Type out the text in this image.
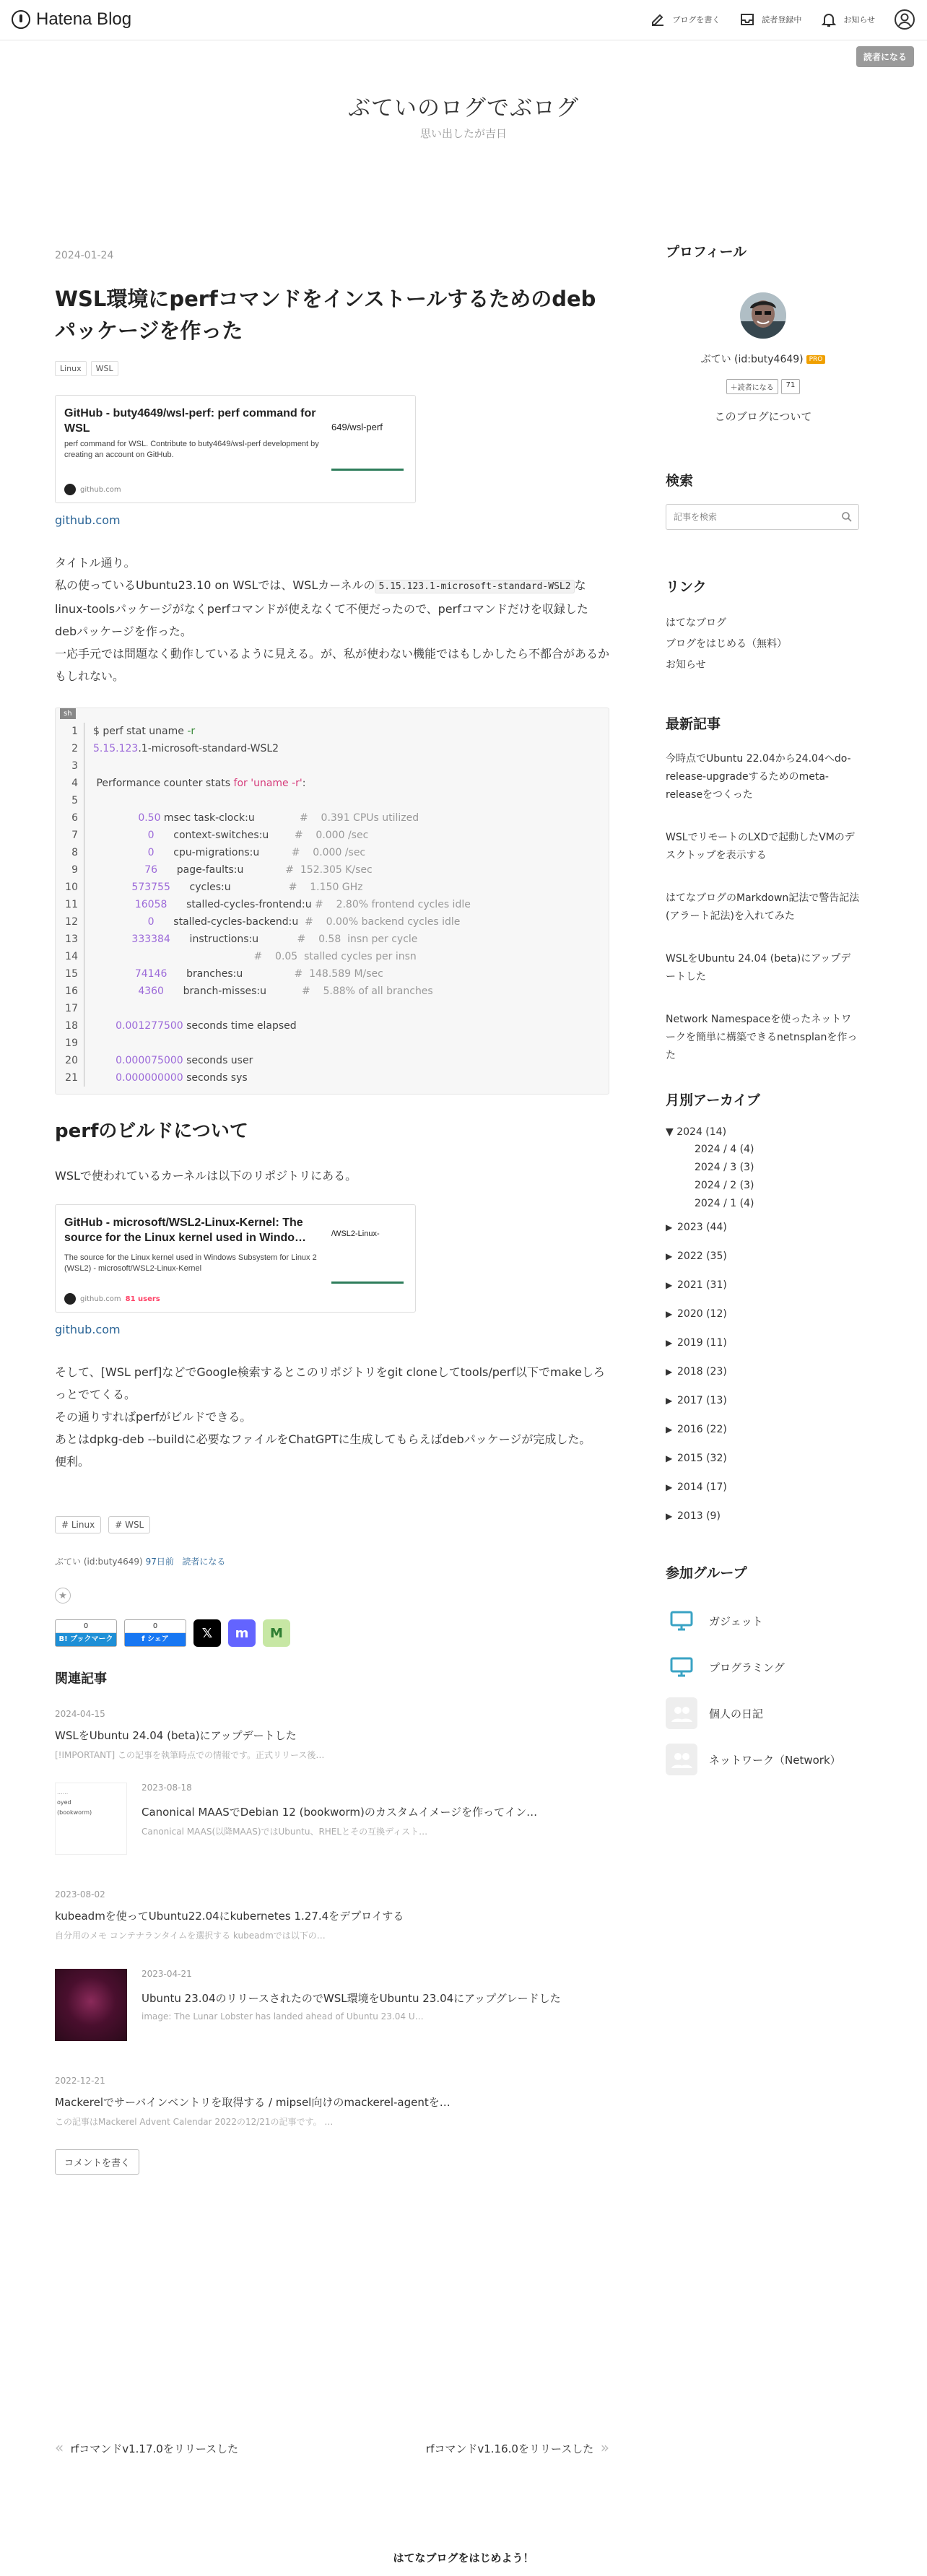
Hatena Blog	ブログを書く	読者登録中	お知らせ
読者になる
ぶていのログでぶログ
思い出したが吉日
2024-01-24
WSL環境にperfコマンドをインストールするためのdebパッケージを作った
Linux	WSL
GitHub - buty4649/wsl-perf: perf command for WSL
perf command for WSL. Contribute to buty4649/wsl-perf development by creating an account on GitHub.
github.com
649/wsl-perf
github.com

タイトル通り。

私の使っているUbuntu23.10 on WSLでは、WSLカーネルの 5.15.123.1-microsoft-standard-WSL2 なlinux-toolsパッケージがなくperfコマンドが使えなくて不便だったので、perfコマンドだけを収録したdebパッケージを作った。

一応手元では問題なく動作しているように見える。が、私が使わない機能ではもしかしたら不都合があるかもしれない。

sh
1	$ perf stat uname -r
2	5.15.123.1-microsoft-standard-WSL2
3
4	Performance counter stats for 'uname -r':
5
6	0.50 msec task-clock:u              #    0.391 CPUs utilized
7	0      context-switches:u        #    0.000 /sec
8	0      cpu-migrations:u          #    0.000 /sec
9	76      page-faults:u             #  152.305 K/sec
10	573755      cycles:u                  #    1.150 GHz
11	16058      stalled-cycles-frontend:u #    2.80% frontend cycles idle
12	0      stalled-cycles-backend:u  #    0.00% backend cycles idle
13	333384      instructions:u            #    0.58  insn per cycle
14	#    0.05  stalled cycles per insn
15	74146      branches:u                #  148.589 M/sec
16	4360      branch-misses:u           #    5.88% of all branches
17
18	0.001277500 seconds time elapsed
19
20	0.000075000 seconds user
21	0.000000000 seconds sys
perfのビルドについて
WSLで使われているカーネルは以下のリポジトリにある。
GitHub - microsoft/WSL2-Linux-Kernel: The source for the Linux kernel used in Windo…
The source for the Linux kernel used in Windows Subsystem for Linux 2 (WSL2) - microsoft/WSL2-Linux-Kernel
github.com 81 users
/WSL2-Linux-
github.com

そして、[WSL perf]などでGoogle検索するとこのリポジトリをgit cloneしてtools/perf以下でmakeしろっとでてくる。

その通りすればperfがビルドできる。

あとはdpkg-deb --buildに必要なファイルをChatGPTに生成してもらえばdebパッケージが完成した。

便利。

# Linux	# WSL
ぶてい (id:buty4649) 97日前 読者になる
★
0
B! ブックマーク
0
f シェア	𝕏 m M
関連記事
2024-04-15
WSLをUbuntu 24.04 (beta)にアップデートした
[!IMPORTANT] この記事を執筆時点での情報です。正式リリース後…
......
oyed
(bookworm)
2023-08-18
Canonical MAASでDebian 12 (bookworm)のカスタムイメージを作ってイン…
Canonical MAAS(以降MAAS)ではUbuntu、RHELとその互換ディスト…
2023-08-02
kubeadmを使ってUbuntu22.04にkubernetes 1.27.4をデプロイする
自分用のメモ コンテナランタイムを選択する kubeadmでは以下の…
2023-04-21
Ubuntu 23.04のリリースされたのでWSL環境をUbuntu 23.04にアップグレードした
image: The Lunar Lobster has landed ahead of Ubuntu 23.04 U…
2022-12-21
Mackerelでサーバインベントリを取得する / mipsel向けのmackerel-agentを…
この記事はMackerel Advent Calendar 2022の12/21の記事です。 …
コメントを書く
« rfコマンドv1.17.0をリリースした	rfコマンドv1.16.0をリリースした »
はてなブログをはじめよう！
プロフィール
ぶてい (id:buty4649) PRO
＋読者になる	71
このブログについて
検索
記事を検索
リンク
はてなブログ
ブログをはじめる（無料）
お知らせ
最新記事
今時点でUbuntu 22.04から24.04へdo-release-upgradeするためのmeta-releaseをつくった
WSLでリモートのLXDで起動したVMのデスクトップを表示する
はてなブログのMarkdown記法で警告記法(アラート記法)を入れてみた
WSLをUbuntu 24.04 (beta)にアップデートした
Network Namespaceを使ったネットワークを簡単に構築できるnetnsplanを作った
月別アーカイブ
▼ 2024 (14)
2024 / 4 (4)
2024 / 3 (3)
2024 / 2 (3)
2024 / 1 (4)
▶ 2023 (44)
▶ 2022 (35)
▶ 2021 (31)
▶ 2020 (12)
▶ 2019 (11)
▶ 2018 (23)
▶ 2017 (13)
▶ 2016 (22)
▶ 2015 (32)
▶ 2014 (17)
▶ 2013 (9)
参加グループ
ガジェット
プログラミング
個人の日記
ネットワーク（Network）
